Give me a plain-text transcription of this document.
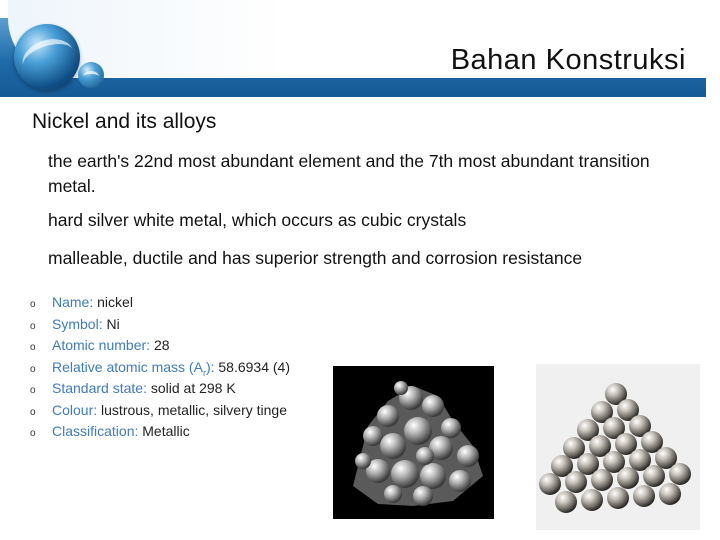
Bahan Konstruksi
Nickel and its alloys
the earth's 22nd most abundant element and the 7th most abundant transition metal.
hard silver white metal, which occurs as cubic crystals
malleable, ductile and has superior strength and corrosion resistance
o Name: nickel
o Symbol: Ni
o Atomic number: 28
o Relative atomic mass $(A_r)$: 58.6934 (4)
o Standard state: solid at 298 K
o Colour: lustrous, metallic, silvery tinge
o Classification: Metallic
